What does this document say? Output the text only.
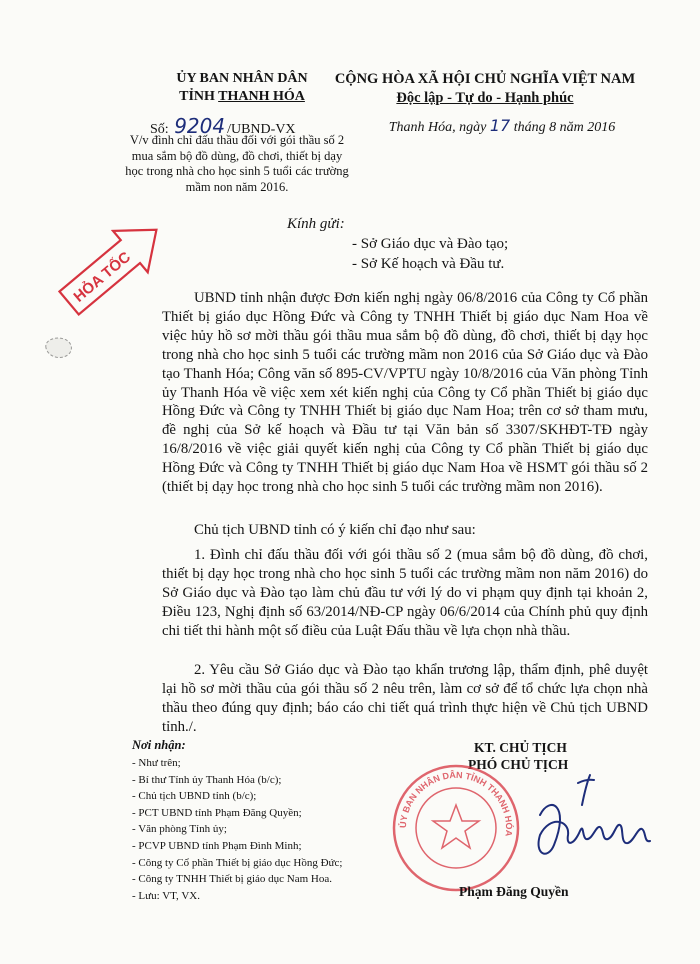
ỦY BAN NHÂN DÂN
TỈNH THANH HÓA
CỘNG HÒA XÃ HỘI CHỦ NGHĨA VIỆT NAM
Độc lập - Tự do - Hạnh phúc
Số: 9204 /UBND-VX
V/v đình chỉ đấu thầu đối với gói thầu số 2 mua sắm bộ đồ dùng, đồ chơi, thiết bị dạy học trong nhà cho học sinh 5 tuổi các trường mầm non năm 2016.
Thanh Hóa, ngày 17 tháng 8 năm 2016
Kính gửi:
- Sở Giáo dục và Đào tạo;
- Sở Kế hoạch và Đầu tư.
HỎA TỐC	UBND tỉnh nhận được Đơn kiến nghị ngày 06/8/2016 của Công ty Cổ phần Thiết bị giáo dục Hồng Đức và Công ty TNHH Thiết bị giáo dục Nam Hoa về việc hủy hồ sơ mời thầu gói thầu mua sắm bộ đồ dùng, đồ chơi, thiết bị dạy học trong nhà cho học sinh 5 tuổi các trường mầm non 2016 của Sở Giáo dục và Đào tạo Thanh Hóa; Công văn số 895-CV/VPTU ngày 10/8/2016 của Văn phòng Tỉnh ủy Thanh Hóa về việc xem xét kiến nghị của Công ty Cổ phần Thiết bị giáo dục Hồng Đức và Công ty TNHH Thiết bị giáo dục Nam Hoa; trên cơ sở tham mưu, đề nghị của Sở kế hoạch và Đầu tư tại Văn bản số 3307/SKHĐT-TĐ ngày 16/8/2016 về việc giải quyết kiến nghị của Công ty Cổ phần Thiết bị giáo dục Hồng Đức và Công ty TNHH Thiết bị giáo dục Nam Hoa về HSMT gói thầu số 2 (thiết bị dạy học trong nhà cho học sinh 5 tuổi các trường mầm non 2016).
Chủ tịch UBND tỉnh có ý kiến chỉ đạo như sau:
1. Đình chỉ đấu thầu đối với gói thầu số 2 (mua sắm bộ đồ dùng, đồ chơi, thiết bị dạy học trong nhà cho học sinh 5 tuổi các trường mầm non năm 2016) do Sở Giáo dục và Đào tạo làm chủ đầu tư với lý do vi phạm quy định tại khoản 2, Điều 123, Nghị định số 63/2014/NĐ-CP ngày 06/6/2014 của Chính phủ quy định chi tiết thi hành một số điều của Luật Đấu thầu về lựa chọn nhà thầu.
2. Yêu cầu Sở Giáo dục và Đào tạo khẩn trương lập, thẩm định, phê duyệt lại hồ sơ mời thầu của gói thầu số 2 nêu trên, làm cơ sở để tổ chức lựa chọn nhà thầu theo đúng quy định; báo cáo chi tiết quá trình thực hiện về Chủ tịch UBND tỉnh./.
Nơi nhận:
- Như trên;
- Bí thư Tỉnh ủy Thanh Hóa (b/c);
- Chủ tịch UBND tỉnh (b/c);
- PCT UBND tỉnh Phạm Đăng Quyền;
- Văn phòng Tỉnh ủy;
- PCVP UBND tỉnh Phạm Đình Minh;
- Công ty Cổ phần Thiết bị giáo dục Hồng Đức;
- Công ty TNHH Thiết bị giáo dục Nam Hoa.
- Lưu: VT, VX.
KT. CHỦ TỊCH
PHÓ CHỦ TỊCH
ỦY BAN NHÂN DÂN TỈNH THANH HÓA
Phạm Đăng Quyền
